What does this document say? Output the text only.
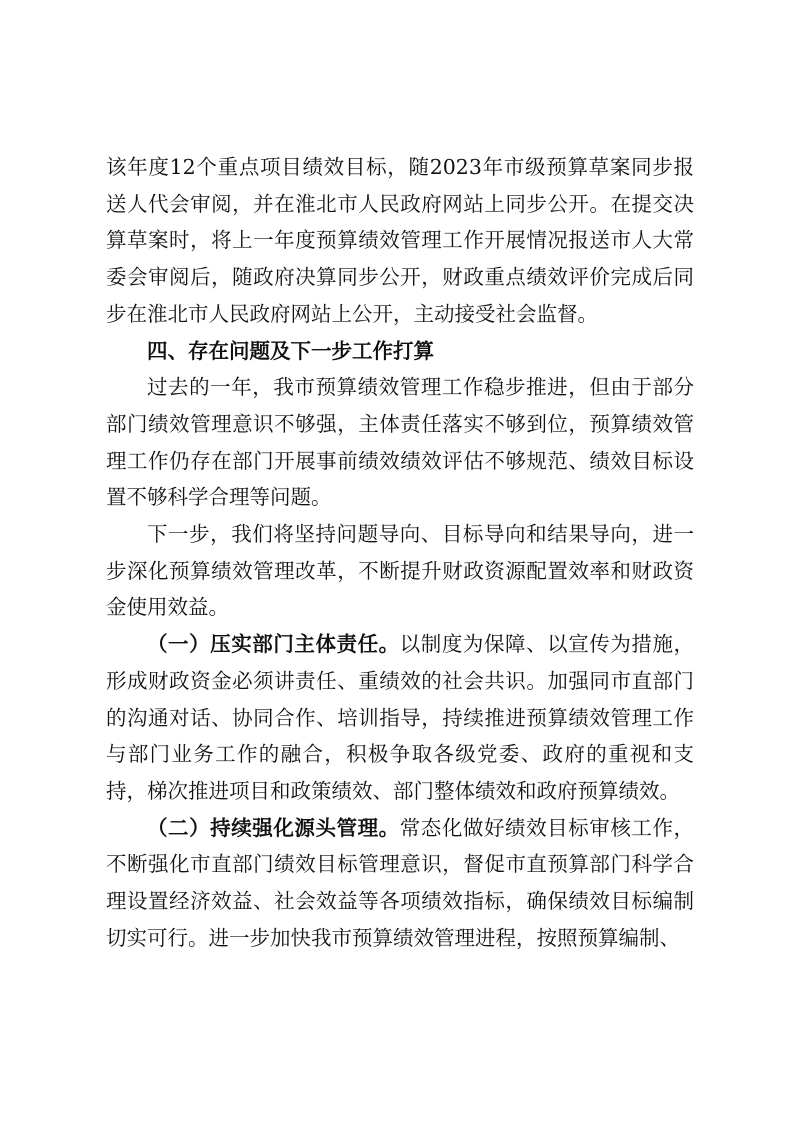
该年度12个重点项目绩效目标，随2023年市级预算草案同步报送人代会审阅，并在淮北市人民政府网站上同步公开。在提交决算草案时，将上一年度预算绩效管理工作开展情况报送市人大常委会审阅后，随政府决算同步公开，财政重点绩效评价完成后同步在淮北市人民政府网站上公开，主动接受社会监督。

四、存在问题及下一步工作打算

过去的一年，我市预算绩效管理工作稳步推进，但由于部分部门绩效管理意识不够强，主体责任落实不够到位，预算绩效管理工作仍存在部门开展事前绩效绩效评估不够规范、绩效目标设置不够科学合理等问题。

下一步，我们将坚持问题导向、目标导向和结果导向，进一步深化预算绩效管理改革，不断提升财政资源配置效率和财政资金使用效益。

（一）压实部门主体责任。以制度为保障、以宣传为措施，形成财政资金必须讲责任、重绩效的社会共识。加强同市直部门的沟通对话、协同合作、培训指导，持续推进预算绩效管理工作与部门业务工作的融合，积极争取各级党委、政府的重视和支持，梯次推进项目和政策绩效、部门整体绩效和政府预算绩效。

（二）持续强化源头管理。常态化做好绩效目标审核工作，不断强化市直部门绩效目标管理意识，督促市直预算部门科学合理设置经济效益、社会效益等各项绩效指标，确保绩效目标编制切实可行。进一步加快我市预算绩效管理进程，按照预算编制、
